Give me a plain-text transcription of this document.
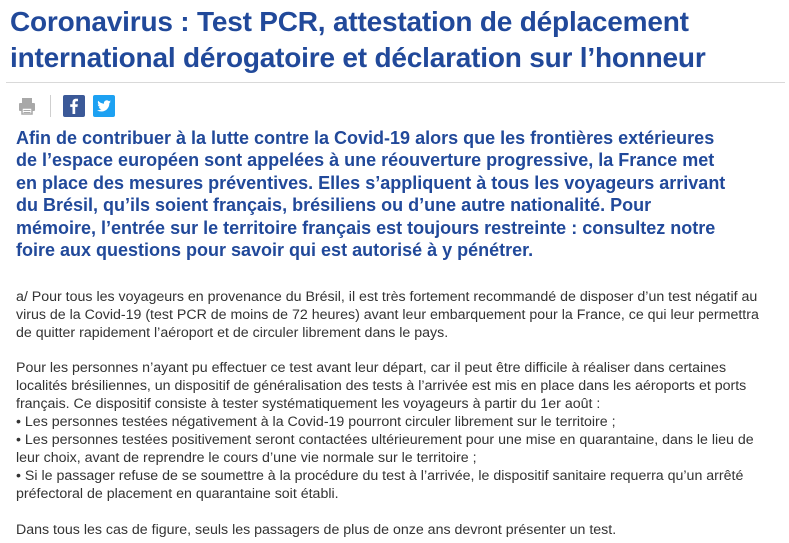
Coronavirus : Test PCR, attestation de déplacement
international dérogatoire et déclaration sur l’honneur

Afin de contribuer à la lutte contre la Covid-19 alors que les frontières extérieures
de l’espace européen sont appelées à une réouverture progressive, la France met
en place des mesures préventives. Elles s’appliquent à tous les voyageurs arrivant
du Brésil, qu’ils soient français, brésiliens ou d’une autre nationalité. Pour
mémoire, l’entrée sur le territoire français est toujours restreinte : consultez notre
foire aux questions pour savoir qui est autorisé à y pénétrer.

a/ Pour tous les voyageurs en provenance du Brésil, il est très fortement recommandé de disposer d’un test négatif au
virus de la Covid-19 (test PCR de moins de 72 heures) avant leur embarquement pour la France, ce qui leur permettra
de quitter rapidement l’aéroport et de circuler librement dans le pays.

Pour les personnes n’ayant pu effectuer ce test avant leur départ, car il peut être difficile à réaliser dans certaines
localités brésiliennes, un dispositif de généralisation des tests à l’arrivée est mis en place dans les aéroports et ports
français. Ce dispositif consiste à tester systématiquement les voyageurs à partir du 1er août :
• Les personnes testées négativement à la Covid-19 pourront circuler librement sur le territoire ;
• Les personnes testées positivement seront contactées ultérieurement pour une mise en quarantaine, dans le lieu de
leur choix, avant de reprendre le cours d’une vie normale sur le territoire ;
• Si le passager refuse de se soumettre à la procédure du test à l’arrivée, le dispositif sanitaire requerra qu’un arrêté
préfectoral de placement en quarantaine soit établi.

Dans tous les cas de figure, seuls les passagers de plus de onze ans devront présenter un test.
